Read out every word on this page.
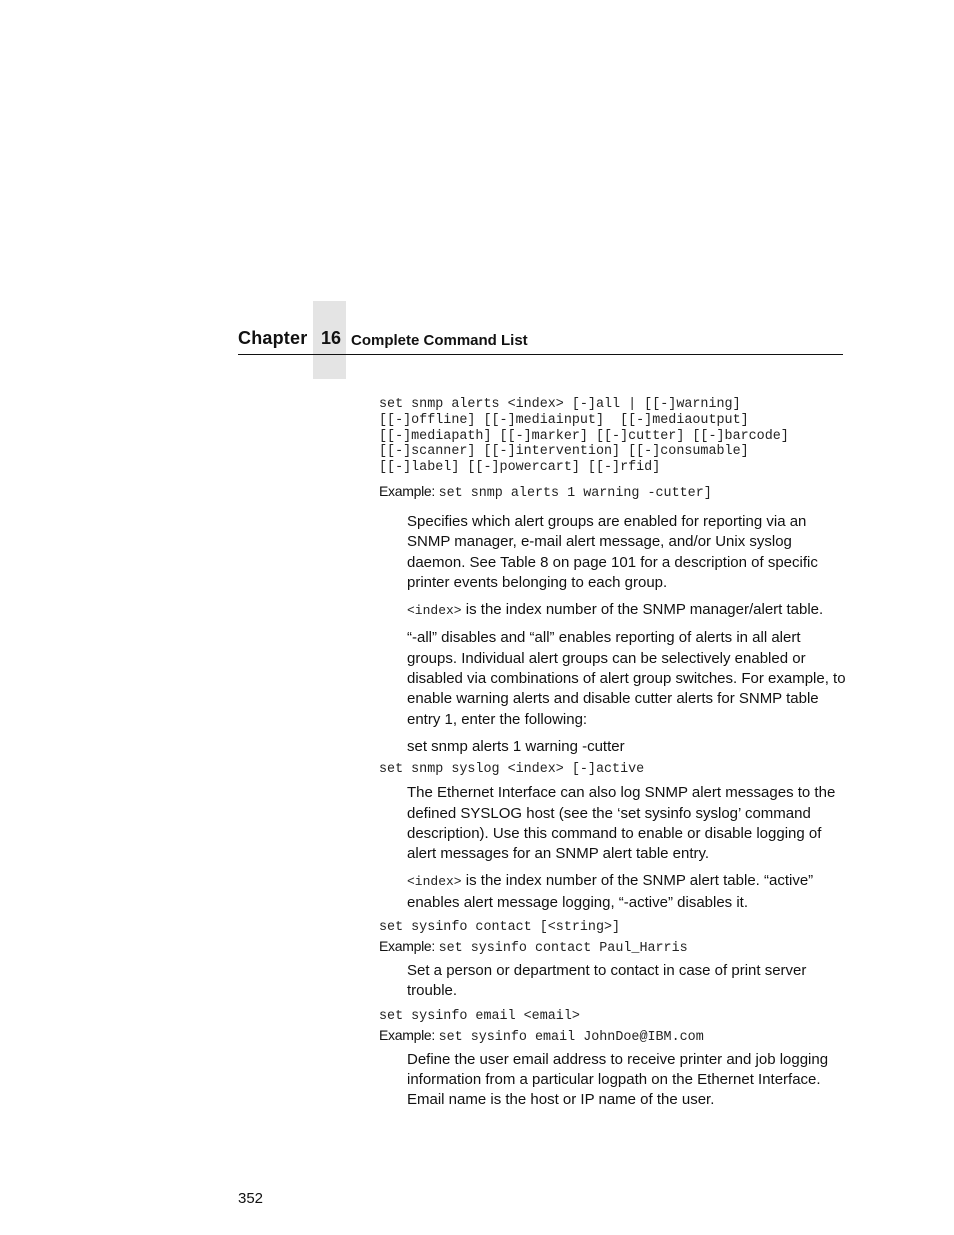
Chapter 16 Complete Command List
set snmp alerts <index> [-]all | [[-]warning]
[[-]offline] [[-]mediainput]  [[-]mediaoutput]
[[-]mediapath] [[-]marker] [[-]cutter] [[-]barcode]
[[-]scanner] [[-]intervention] [[-]consumable]
[[-]label] [[-]powercart] [[-]rfid]
Example: set snmp alerts 1 warning -cutter]

Specifies which alert groups are enabled for reporting via an SNMP manager, e-mail alert message, and/or Unix syslog daemon. See Table 8 on page 101 for a description of specific printer events belonging to each group.

<index> is the index number of the SNMP manager/alert table.

“-all” disables and “all” enables reporting of alerts in all alert groups. Individual alert groups can be selectively enabled or disabled via combinations of alert group switches. For example, to enable warning alerts and disable cutter alerts for SNMP table entry 1, enter the following:

set snmp alerts 1 warning -cutter

set snmp syslog <index> [-]active

The Ethernet Interface can also log SNMP alert messages to the defined SYSLOG host (see the ‘set sysinfo syslog’ command description). Use this command to enable or disable logging of alert messages for an SNMP alert table entry.

<index> is the index number of the SNMP alert table. “active” enables alert message logging, “-active” disables it.

set sysinfo contact [<string>]
Example: set sysinfo contact Paul_Harris

Set a person or department to contact in case of print server trouble.

set sysinfo email <email>
Example: set sysinfo email JohnDoe@IBM.com

Define the user email address to receive printer and job logging information from a particular logpath on the Ethernet Interface. Email name is the host or IP name of the user.

352
